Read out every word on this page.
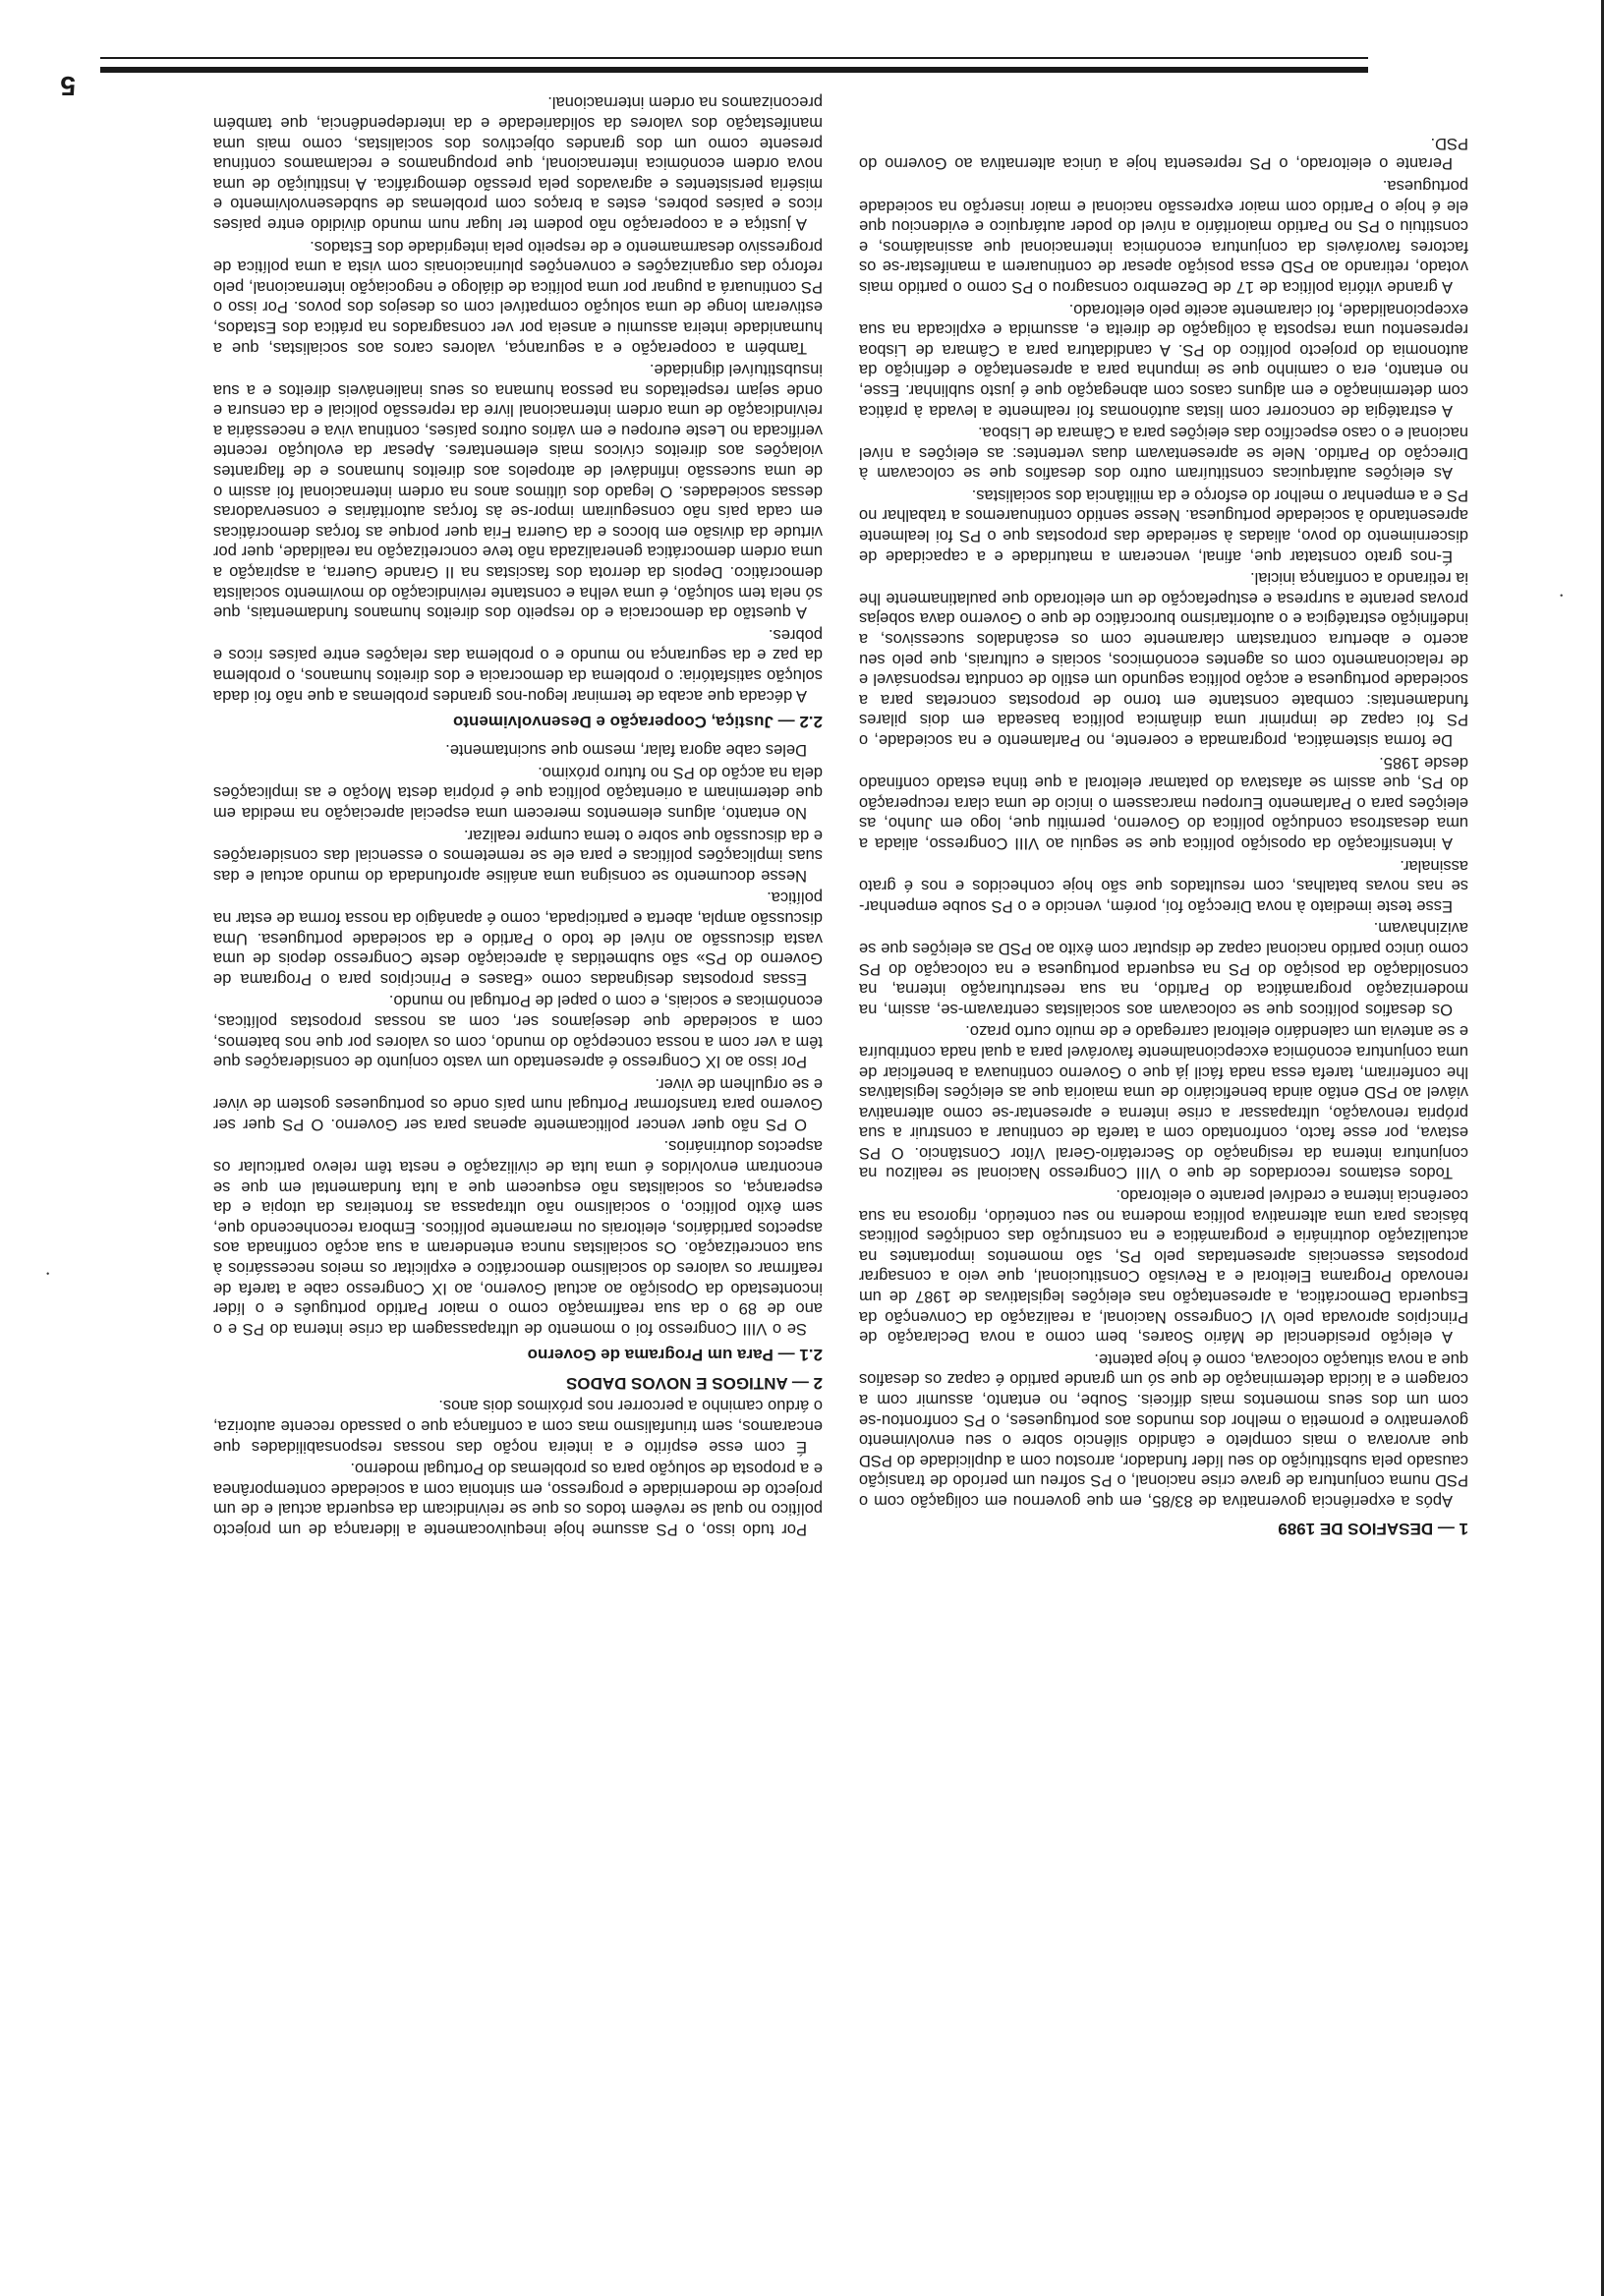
5
1 — DESAFIOS DE 1989

Após a experiência governativa de 83/85, em que governou em coligação com o PSD numa conjuntura de grave crise nacional, o PS sofreu um período de transição causado pela substituição do seu líder fundador, arrostou com a duplicidade do PSD que arvorava o mais completo e cândido silêncio sobre o seu envolvimento governativo e prometia o melhor dos mundos aos portugueses, o PS confrontou-se com um dos seus momentos mais difíceis. Soube, no entanto, assumir com a coragem e a lúcida determinação de que só um grande partido é capaz os desafios que a nova situação colocava, como é hoje patente.

A eleição presidencial de Mário Soares, bem como a nova Declaração de Princípios aprovada pelo VI Congresso Nacional, a realização da Convenção da Esquerda Democrática, a apresentação nas eleições legislativas de 1987 de um renovado Programa Eleitoral e a Revisão Constitucional, que veio a consagrar propostas essenciais apresentadas pelo PS, são momentos importantes na actualização doutrinária e programática e na construção das condições políticas básicas para uma alternativa política moderna no seu conteúdo, rigorosa na sua coerência interna e credível perante o eleitorado.

Todos estamos recordados de que o VIII Congresso Nacional se realizou na conjuntura interna da resignação do Secretário-Geral Vítor Constâncio. O PS estava, por esse facto, confrontado com a tarefa de continuar a construir a sua própria renovação, ultrapassar a crise interna e apresentar-se como alternativa viável ao PSD então ainda beneficiário de uma maioria que as eleições legislativas lhe conferiram, tarefa essa nada fácil já que o Governo continuava a beneficiar de uma conjuntura económica excepcionalmente favorável para a qual nada contribuíra e se antevia um calendário eleitoral carregado e de muito curto prazo.

Os desafios políticos que se colocavam aos socialistas centravam-se, assim, na modernização programática do Partido, na sua reestruturação interna, na consolidação da posição do PS na esquerda portuguesa e na colocação do PS como único partido nacional capaz de disputar com êxito ao PSD as eleições que se avizinhavam.

Esse teste imediato à nova Direcção foi, porém, vencido e o PS soube empenhar-se nas novas batalhas, com resultados que são hoje conhecidos e nos é grato assinalar.

A intensificação da oposição política que se seguiu ao VIII Congresso, aliada a uma desastrosa condução política do Governo, permitiu que, logo em Junho, as eleições para o Parlamento Europeu marcassem o início de uma clara recuperação do PS, que assim se afastava do patamar eleitoral a que tinha estado confinado desde 1985.

De forma sistemática, programada e coerente, no Parlamento e na sociedade, o PS foi capaz de imprimir uma dinâmica política baseada em dois pilares fundamentais: combate constante em torno de propostas concretas para a sociedade portuguesa e acção política segundo um estilo de conduta responsável e de relacionamento com os agentes económicos, sociais e culturais, que pelo seu acerto e abertura contrastam claramente com os escândalos sucessivos, a indefinição estratégica e o autoritarismo burocrático de que o Governo dava sobejas provas perante a surpresa e estupefacção de um eleitorado que paulatinamente lhe ia retirando a confiança inicial.

É-nos grato constatar que, afinal, venceram a maturidade e a capacidade de discernimento do povo, aliadas à seriedade das propostas que o PS foi lealmente apresentando à sociedade portuguesa. Nesse sentido continuaremos a trabalhar no PS e a empenhar o melhor do esforço e da militância dos socialistas.

As eleições autárquicas constituíram outro dos desafios que se colocavam à Direcção do Partido. Nele se apresentavam duas vertentes: as eleições a nível nacional e o caso específico das eleições para a Câmara de Lisboa.

A estratégia de concorrer com listas autónomas foi realmente a levada à prática com determinação e em alguns casos com abnegação que é justo sublinhar. Esse, no entanto, era o caminho que se impunha para a apresentação e definição da autonomia do projecto político do PS. A candidatura para a Câmara de Lisboa representou uma resposta à coligação de direita e, assumida e explicada na sua excepcionalidade, foi claramente aceite pelo eleitorado.

A grande vitória política de 17 de Dezembro consagrou o PS como o partido mais votado, retirando ao PSD essa posição apesar de continuarem a manifestar-se os factores favoráveis da conjuntura económica internacional que assinalámos, e constituiu o PS no Partido maioritário a nível do poder autárquico e evidenciou que ele é hoje o Partido com maior expressão nacional e maior inserção na sociedade portuguesa.

Perante o eleitorado, o PS representa hoje a única alternativa ao Governo do PSD.

Por tudo isso, o PS assume hoje inequivocamente a liderança de um projecto político no qual se revêem todos os que se reivindicam da esquerda actual e de um projecto de modernidade e progresso, em sintonia com a sociedade contemporânea e a proposta de solução para os problemas do Portugal moderno.

É com esse espírito e a inteira noção das nossas responsabilidades que encaramos, sem triunfalismo mas com a confiança que o passado recente autoriza, o árduo caminho a percorrer nos próximos dois anos.

2 — ANTIGOS E NOVOS DADOS
2.1 — Para um Programa de Governo

Se o VIII Congresso foi o momento de ultrapassagem da crise interna do PS e o ano de 89 o da sua reafirmação como o maior Partido português e o líder incontestado da Oposição ao actual Governo, ao IX Congresso cabe a tarefa de reafirmar os valores do socialismo democrático e explicitar os meios necessários à sua concretização. Os socialistas nunca entenderam a sua acção confinada aos aspectos partidários, eleitorais ou meramente políticos. Embora reconhecendo que, sem êxito político, o socialismo não ultrapassa as fronteiras da utopia e da esperança, os socialistas não esquecem que a luta fundamental em que se encontram envolvidos é uma luta de civilização e nesta têm relevo particular os aspectos doutrinários.

O PS não quer vencer politicamente apenas para ser Governo. O PS quer ser Governo para transformar Portugal num país onde os portugueses gostem de viver e se orgulhem de viver.

Por isso ao IX Congresso é apresentado um vasto conjunto de considerações que têm a ver com a nossa concepção do mundo, com os valores por que nos batemos, com a sociedade que desejamos ser, com as nossas propostas políticas, económicas e sociais, e com o papel de Portugal no mundo.

Essas propostas designadas como «Bases e Princípios para o Programa de Governo do PS» são submetidas à apreciação deste Congresso depois de uma vasta discussão ao nível de todo o Partido e da sociedade portuguesa. Uma discussão ampla, aberta e participada, como é apanágio da nossa forma de estar na política.

Nesse documento se consigna uma análise aprofundada do mundo actual e das suas implicações políticas e para ele se remetemos o essencial das considerações e da discussão que sobre o tema cumpre realizar.

No entanto, alguns elementos merecem uma especial apreciação na medida em que determinam a orientação política que é própria desta Moção e as implicações dela na acção do PS no futuro próximo.

Deles cabe agora falar, mesmo que sucintamente.

2.2 — Justiça, Cooperação e Desenvolvimento

A década que acaba de terminar legou-nos grandes problemas a que não foi dada solução satisfatória: o problema da democracia e dos direitos humanos, o problema da paz e da segurança no mundo e o problema das relações entre países ricos e pobres.

A questão da democracia e do respeito dos direitos humanos fundamentais, que só nela tem solução, é uma velha e constante reivindicação do movimento socialista democrático. Depois da derrota dos fascistas na II Grande Guerra, a aspiração a uma ordem democrática generalizada não teve concretização na realidade, quer por virtude da divisão em blocos e da Guerra Fria quer porque as forças democráticas em cada país não conseguiram impor-se às forças autoritárias e conservadoras dessas sociedades. O legado dos últimos anos na ordem internacional foi assim o de uma sucessão infindável de atropelos aos direitos humanos e de flagrantes violações aos direitos cívicos mais elementares. Apesar da evolução recente verificada no Leste europeu e em vários outros países, continua viva e necessária a reivindicação de uma ordem internacional livre da repressão policial e da censura e onde sejam respeitados na pessoa humana os seus inalienáveis direitos e a sua insubstituível dignidade.

Também a cooperação e a segurança, valores caros aos socialistas, que a humanidade inteira assumiu e anseia por ver consagrados na prática dos Estados, estiveram longe de uma solução compatível com os desejos dos povos. Por isso o PS continuará a pugnar por uma política de diálogo e negociação internacional, pelo reforço das organizações e convenções plurinacionais com vista a uma política de progressivo desarmamento e de respeito pela integridade dos Estados.

A justiça e a cooperação não podem ter lugar num mundo dividido entre países ricos e países pobres, estes a braços com problemas de subdesenvolvimento e miséria persistentes e agravados pela pressão demográfica. A instituição de uma nova ordem económica internacional, que propugnamos e reclamamos contínua presente como um dos grandes objectivos dos socialistas, como mais uma manifestação dos valores da solidariedade e da interdependência, que também preconizamos na ordem internacional.

·
·
